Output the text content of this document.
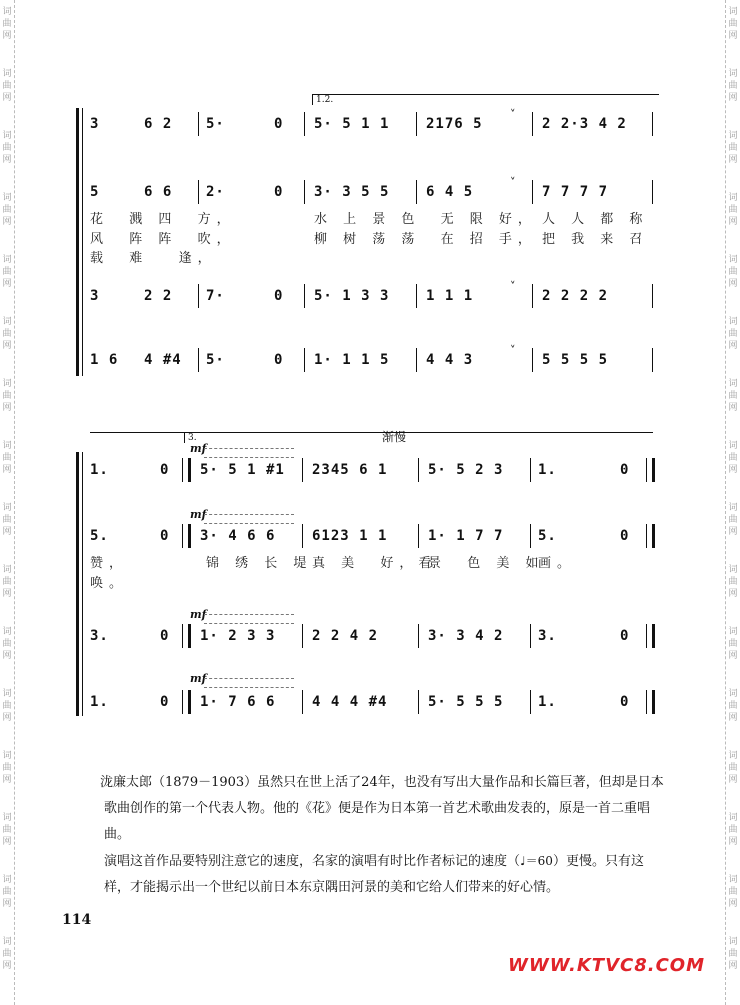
词
曲
网
词
曲
网
词
曲
网
词
曲
网
词
曲
网
词
曲
网
词
曲
网
词
曲
网
词
曲
网
词
曲
网
词
曲
网
词
曲
网
词
曲
网
词
曲
网
词
曲
网
词
曲
网
词
曲
网
词
曲
网
词
曲
网
词
曲
网
词
曲
网
词
曲
网
词
曲
网
词
曲
网
词
曲
网
词
曲
网
词
曲
网
词
曲
网
词
曲
网
词
曲
网
词
曲
网
词
曲
网
1.2.
3	6 2 5·	0 5· 5 1 1	2176 5
˅
2 2·3 4 2
5	6 6 2·	0 3· 3 5 5	6 4 5
˅
7 7 7 7
花  溅 四  方，	水 上 景 色  无 限 好， 人 人 都 称
风  阵 阵  吹，	柳 树 荡 荡  在 招 手， 把 我 来 召
载  难   逢，
3	2 2 7·	0 5· 1 3 3	1 1 1
˅
2 2 2 2
1 6 4 #4 5·	0 1· 1 1 5	4 4 3
˅
5 5 5 5
3.	渐慢
mf
1.	0 5· 5 1 #1 2345 6 1	5· 5 2 3 1.	0
mf
5.	0 3· 4 6 6	6123 1 1	1· 1 7 7 5.	0
赞，	锦 绣 长 堤 真 美  好，看
景  色 美 如
画。
唤。
mf
3.	0 1· 2 3 3	2 2 4 2	3· 3 4 2 3.	0
mf
1.	0 1· 7 6 6	4 4 4 #4	5· 5 5 5 1.	0
泷廉太郎（1879－1903）虽然只在世上活了24年，也没有写出大量作品和长篇巨著，但却是日本歌曲创作的第一个代表人物。他的《花》便是作为日本第一首艺术歌曲发表的，原是一首二重唱曲。
演唱这首作品要特别注意它的速度，名家的演唱有时比作者标记的速度（♩＝60）更慢。只有这样，才能揭示出一个世纪以前日本东京隅田河景的美和它给人们带来的好心情。
114
WWW.KTVC8.COM
